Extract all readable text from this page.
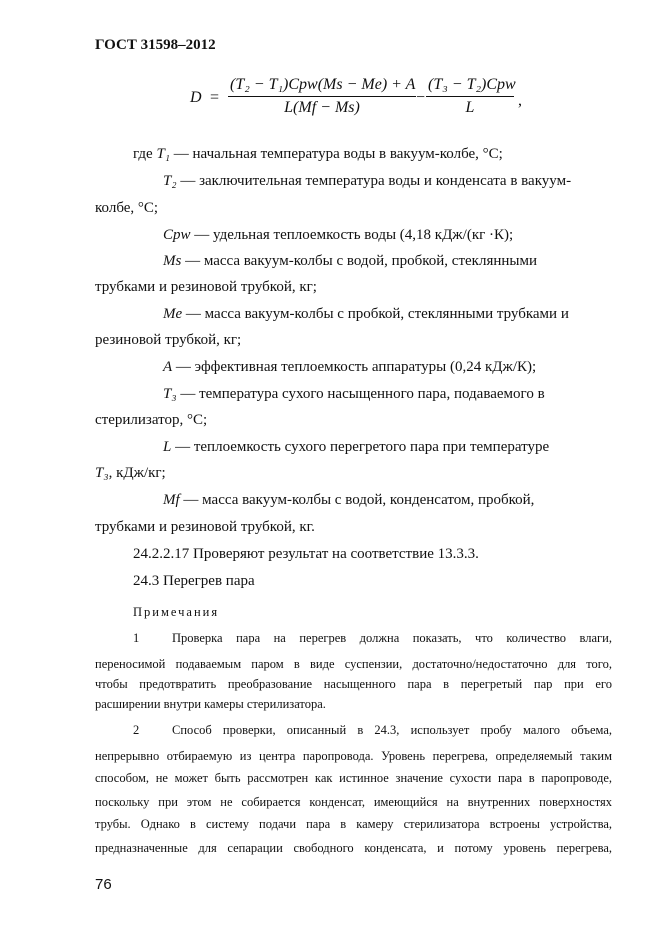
ГОСТ 31598–2012
D =
(T₂ − T₁)Cpw(Ms − Me) + A
L(Mf − Ms)
−
(T₃ − T₂)Cpw
L	,
где T₁ — начальная температура воды в вакуум-колбе, °С;
T₂ — заключительная температура воды и конденсата в вакуум-
колбе, °С;
Cpw — удельная теплоемкость воды (4,18 кДж/(кг ·К);
Ms — масса вакуум-колбы с водой, пробкой, стеклянными
трубками и резиновой трубкой, кг;
Me — масса вакуум-колбы с пробкой, стеклянными трубками и
резиновой трубкой, кг;
A — эффективная теплоемкость аппаратуры (0,24 кДж/К);
T₃ — температура сухого насыщенного пара, подаваемого в
стерилизатор, °С;
L — теплоемкость сухого перегретого пара при температуре
T₃, кДж/кг;
Mf — масса вакуум-колбы с водой, конденсатом, пробкой,
трубками и резиновой трубкой, кг.
24.2.2.17 Проверяют результат на соответствие 13.3.3.
24.3 Перегрев пара
Примечания
1	Проверка пара на перегрев должна показать, что количество влаги,
переносимой подаваемым паром в виде суспензии, достаточно/недостаточно для того,
чтобы предотвратить преобразование насыщенного пара в перегретый пар при его
расширении внутри камеры стерилизатора.
2	Способ проверки, описанный в 24.3, использует пробу малого объема,
непрерывно отбираемую из центра паропровода. Уровень перегрева, определяемый таким
способом, не может быть рассмотрен как истинное значение сухости пара в паропроводе,
поскольку при этом не собирается конденсат, имеющийся на внутренних поверхностях
трубы. Однако в систему подачи пара в камеру стерилизатора встроены устройства,
предназначенные для сепарации свободного конденсата, и потому уровень перегрева,
76
